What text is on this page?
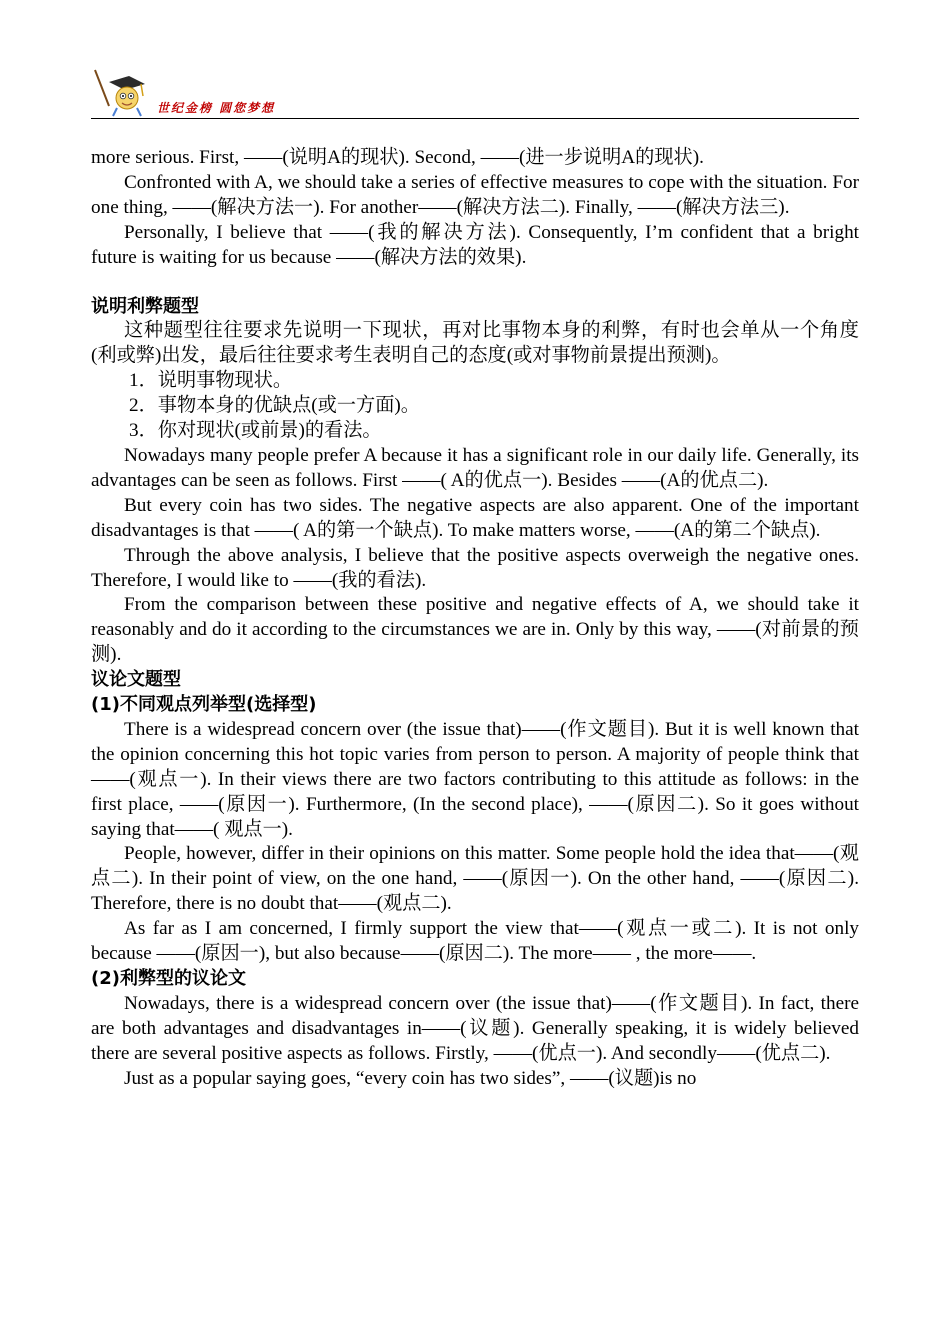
世纪金榜 圆您梦想

more serious. First, ——(说明A的现状). Second, ——(进一步说明A的现状).

Confronted with A, we should take a series of effective measures to cope with the situation. For one thing, ——(解决方法一). For another——(解决方法二). Finally, ——(解决方法三).

Personally, I believe that ——(我的解决方法). Consequently, I’m confident that a bright future is waiting for us because ——(解决方法的效果).

说明利弊题型

这种题型往往要求先说明一下现状，再对比事物本身的利弊，有时也会单从一个角度(利或弊)出发，最后往往要求考生表明自己的态度(或对事物前景提出预测)。

1．说明事物现状。

2．事物本身的优缺点(或一方面)。

3．你对现状(或前景)的看法。

Nowadays many people prefer A because it has a significant role in our daily life. Generally, its advantages can be seen as follows. First ——( A的优点一). Besides ——(A的优点二).

But every coin has two sides. The negative aspects are also apparent. One of the important disadvantages is that ——( A的第一个缺点). To make matters worse, ——(A的第二个缺点).

Through the above analysis, I believe that the positive aspects overweigh the negative ones. Therefore, I would like to ——(我的看法).

From the comparison between these positive and negative effects of A, we should take it reasonably and do it according to the circumstances we are in. Only by this way, ——(对前景的预测).

议论文题型

(1)不同观点列举型(选择型)

There is a widespread concern over (the issue that)——(作文题目). But it is well known that the opinion concerning this hot topic varies from person to person. A majority of people think that——(观点一). In their views there are two factors contributing to this attitude as follows: in the first place, ——(原因一). Furthermore, (In the second place), ——(原因二). So it goes without saying that——( 观点一).

People, however, differ in their opinions on this matter. Some people hold the idea that——(观点二). In their point of view, on the one hand, ——(原因一). On the other hand, ——(原因二). Therefore, there is no doubt that——(观点二).

As far as I am concerned, I firmly support the view that——(观点一或二). It is not only because ——(原因一), but also because——(原因二). The more—— , the more——.

(2)利弊型的议论文

Nowadays, there is a widespread concern over (the issue that)——(作文题目). In fact, there are both advantages and disadvantages in——(议题). Generally speaking, it is widely believed there are several positive aspects as follows. Firstly, ——(优点一). And secondly——(优点二).

Just as a popular saying goes, “every coin has two sides”, ——(议题)is no
